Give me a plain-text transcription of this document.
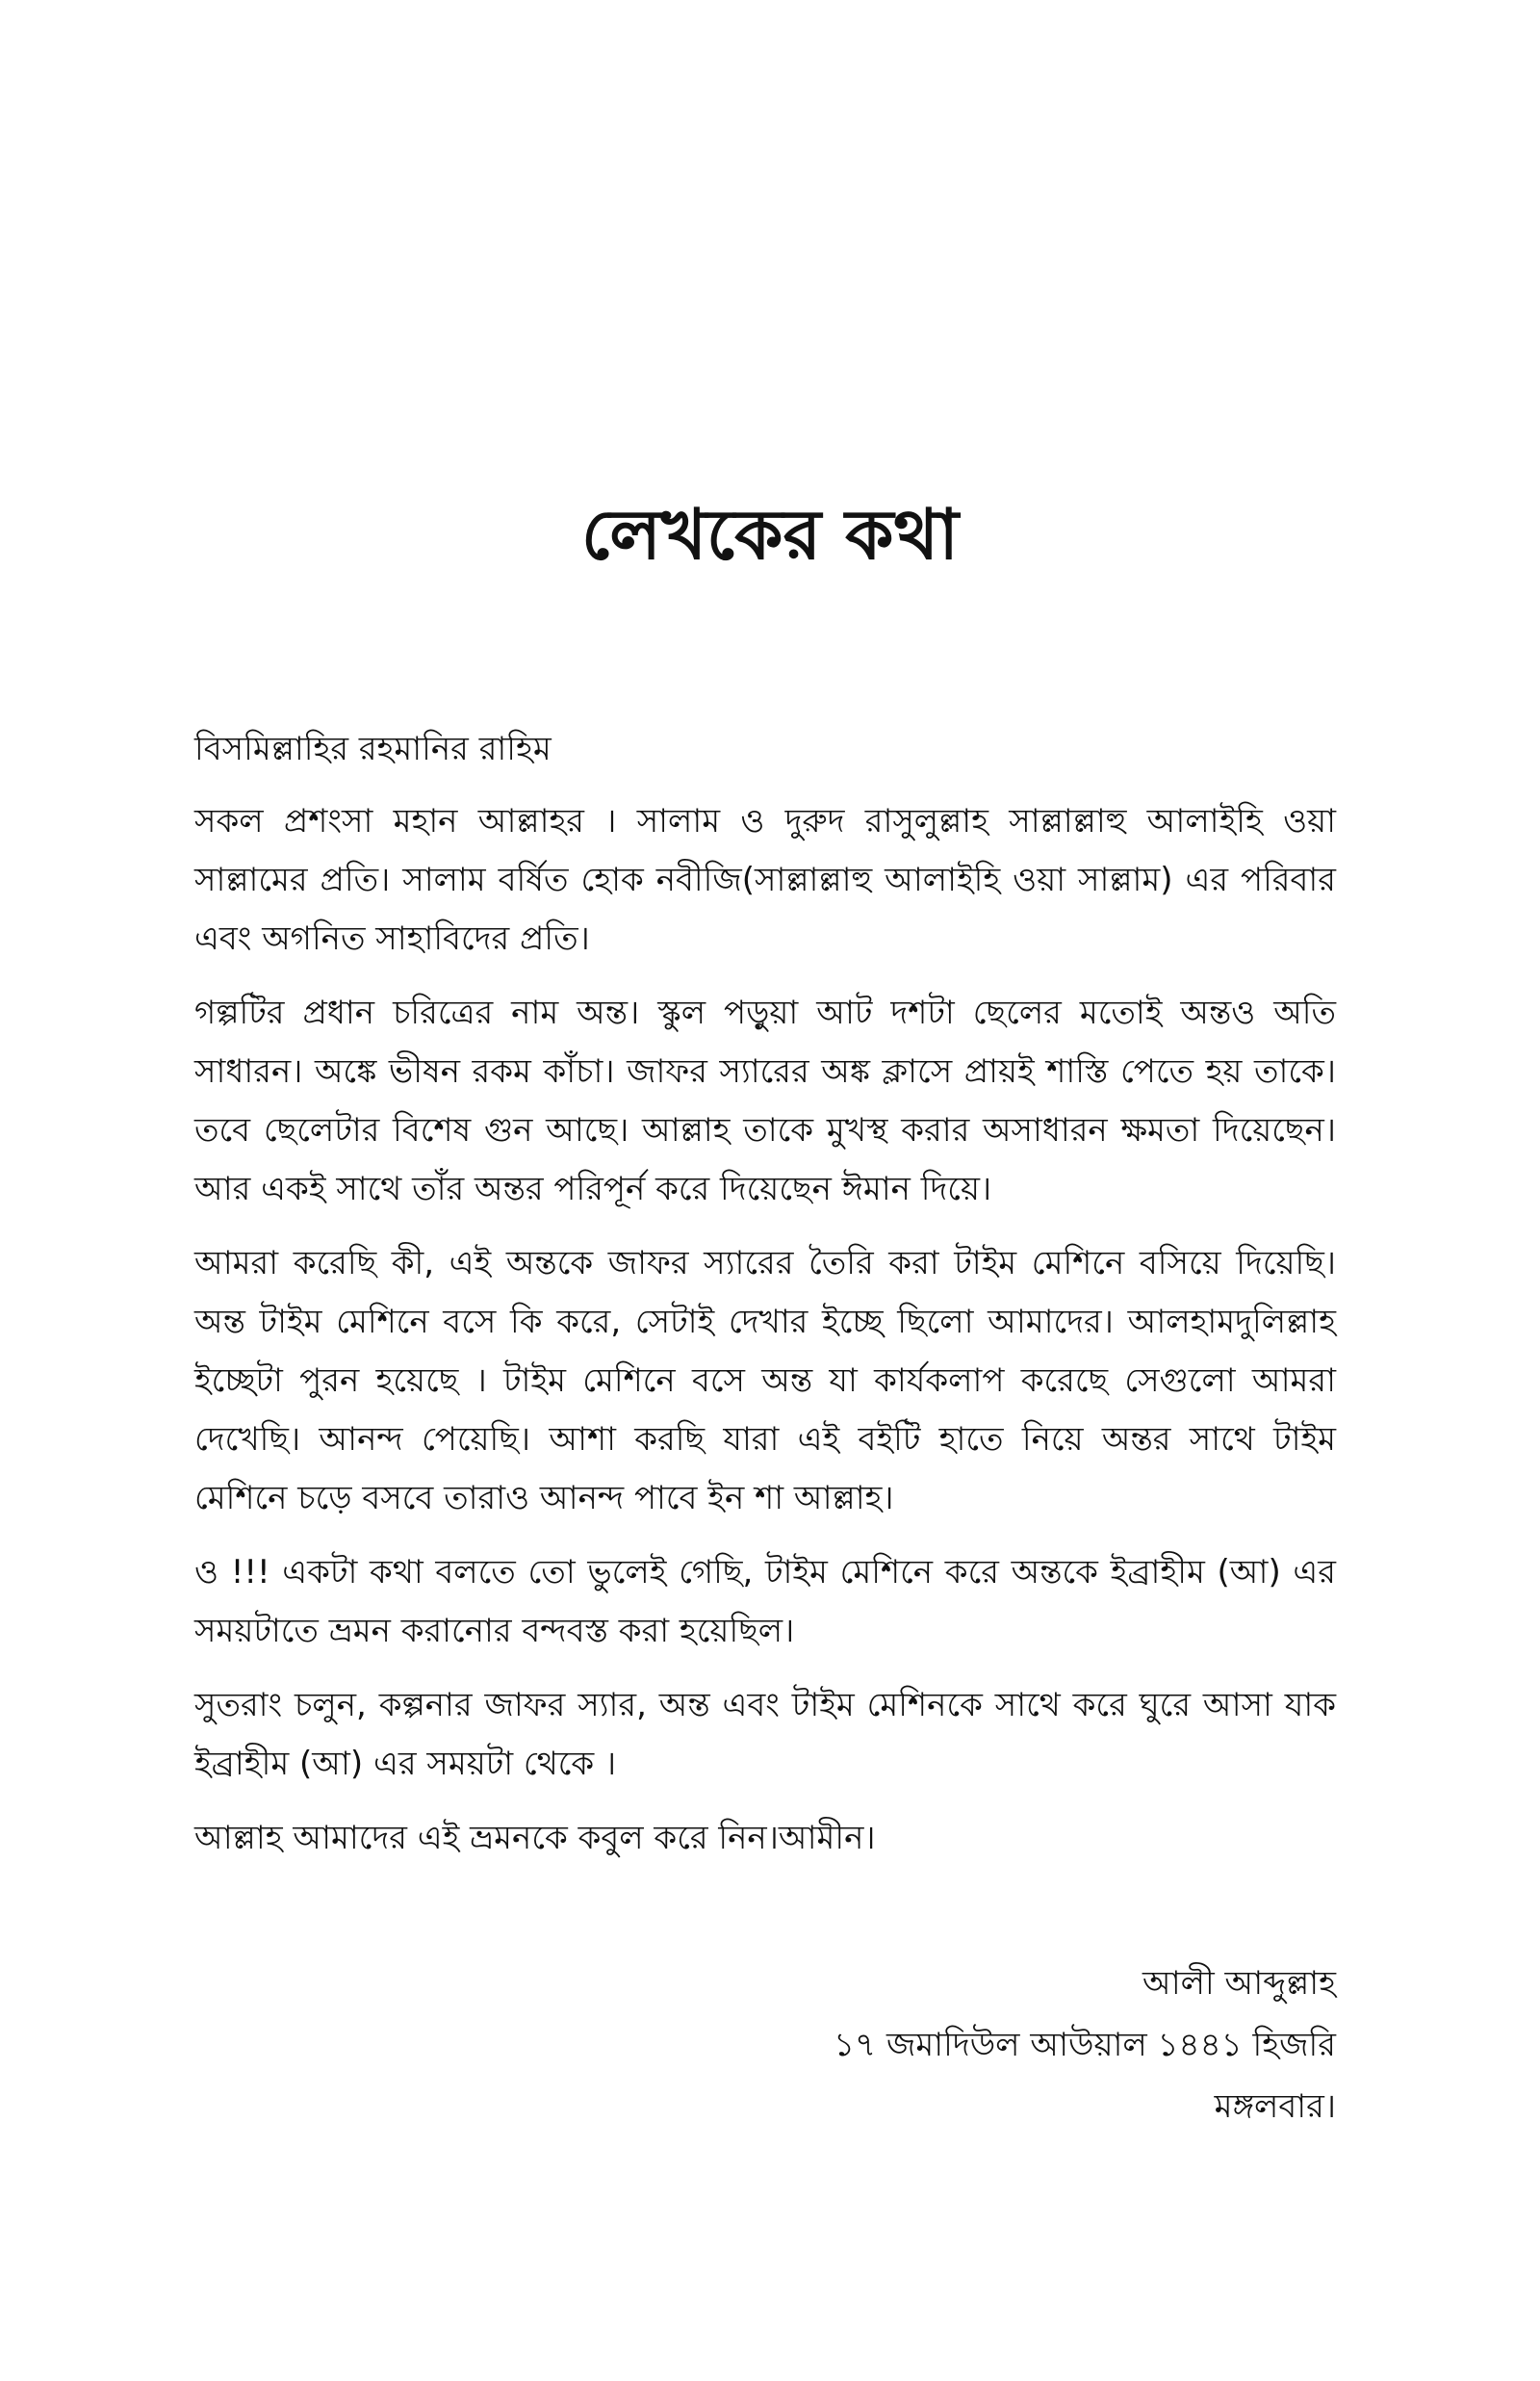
লেখকের কথা

বিসমিল্লাহির রহমানির রাহিম

সকল প্রশংসা মহান আল্লাহর । সালাম ও দুরুদ রাসুলুল্লাহ সাল্লাল্লাহু আলাইহি ওয়া সাল্লামের প্রতি। সালাম বর্ষিত হোক নবীজি(সাল্লাল্লাহু আলাইহি ওয়া সাল্লাম) এর পরিবার এবং অগনিত সাহাবিদের প্রতি।

গল্পটির প্রধান চরিত্রের নাম অন্ত। স্কুল পড়ুয়া আট দশটা ছেলের মতোই অন্তও অতি সাধারন। অঙ্কে ভীষন রকম কাঁচা। জাফর স্যারের অঙ্ক ক্লাসে প্রায়ই শাস্তি পেতে হয় তাকে। তবে ছেলেটার বিশেষ গুন আছে। আল্লাহ তাকে মুখস্থ করার অসাধারন ক্ষমতা দিয়েছেন। আর একই সাথে তাঁর অন্তর পরিপূর্ন করে দিয়েছেন ঈমান দিয়ে।

আমরা করেছি কী, এই অন্তকে জাফর স্যারের তৈরি করা টাইম মেশিনে বসিয়ে দিয়েছি। অন্ত টাইম মেশিনে বসে কি করে, সেটাই দেখার ইচ্ছে ছিলো আমাদের। আলহামদুলিল্লাহ ইচ্ছেটা পুরন হয়েছে । টাইম মেশিনে বসে অন্ত যা কার্যকলাপ করেছে সেগুলো আমরা দেখেছি। আনন্দ পেয়েছি। আশা করছি যারা এই বইটি হাতে নিয়ে অন্তর সাথে টাইম মেশিনে চড়ে বসবে তারাও আনন্দ পাবে ইন শা আল্লাহ।

ও !!! একটা কথা বলতে তো ভুলেই গেছি, টাইম মেশিনে করে অন্তকে ইব্রাহীম (আ) এর সময়টাতে ভ্রমন করানোর বন্দবস্ত করা হয়েছিল।

সুতরাং চলুন, কল্পনার জাফর স্যার, অন্ত এবং টাইম মেশিনকে সাথে করে ঘুরে আসা যাক ইব্রাহীম (আ) এর সময়টা থেকে ।

আল্লাহ আমাদের এই ভ্রমনকে কবুল করে নিন।আমীন।

আলী আব্দুল্লাহ
১৭ জমাদিউল আউয়াল ১৪৪১ হিজরি
মঙ্গলবার।
